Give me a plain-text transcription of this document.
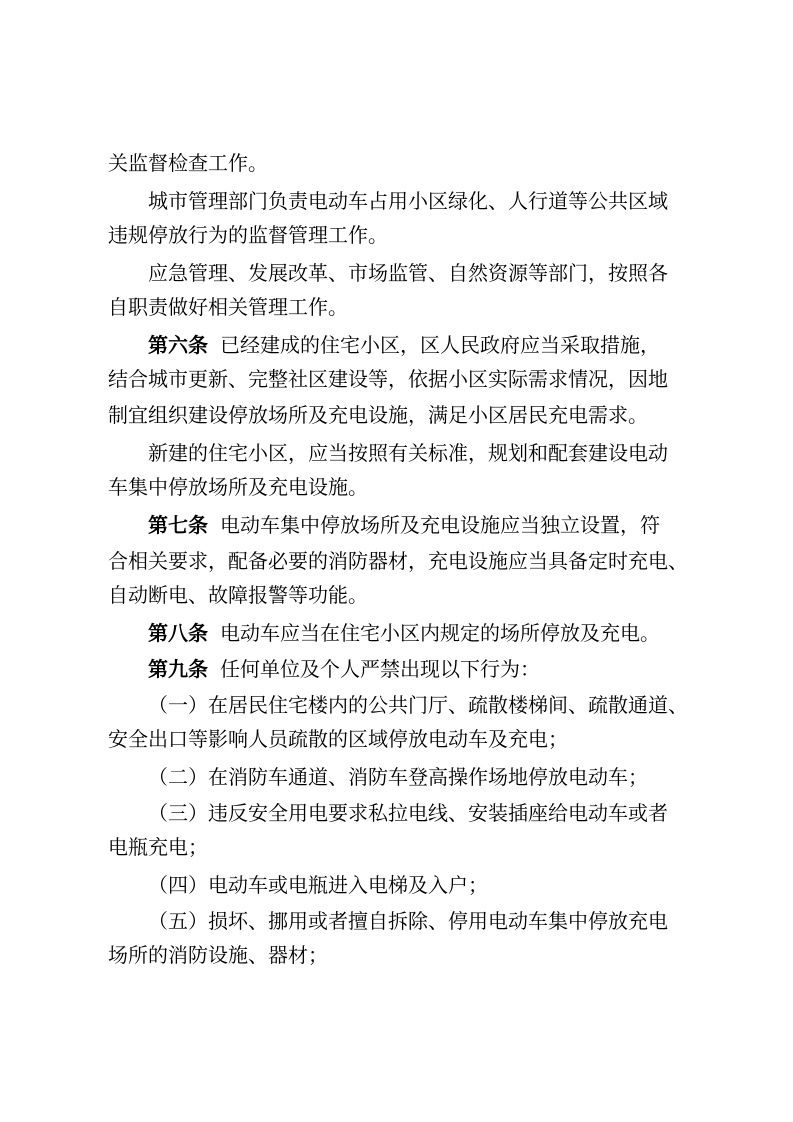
关监督检查工作。
城市管理部门负责电动车占用小区绿化、人行道等公共区域
违规停放行为的监督管理工作。
应急管理、发展改革、市场监管、自然资源等部门，按照各
自职责做好相关管理工作。
第六条 已经建成的住宅小区，区人民政府应当采取措施，
结合城市更新、完整社区建设等，依据小区实际需求情况，因地
制宜组织建设停放场所及充电设施，满足小区居民充电需求。
新建的住宅小区，应当按照有关标准，规划和配套建设电动
车集中停放场所及充电设施。
第七条 电动车集中停放场所及充电设施应当独立设置，符
合相关要求，配备必要的消防器材，充电设施应当具备定时充电、
自动断电、故障报警等功能。
第八条 电动车应当在住宅小区内规定的场所停放及充电。
第九条 任何单位及个人严禁出现以下行为：
（一）在居民住宅楼内的公共门厅、疏散楼梯间、疏散通道、
安全出口等影响人员疏散的区域停放电动车及充电；
（二）在消防车通道、消防车登高操作场地停放电动车；
（三）违反安全用电要求私拉电线、安装插座给电动车或者
电瓶充电；
（四）电动车或电瓶进入电梯及入户；
（五）损坏、挪用或者擅自拆除、停用电动车集中停放充电
场所的消防设施、器材；
